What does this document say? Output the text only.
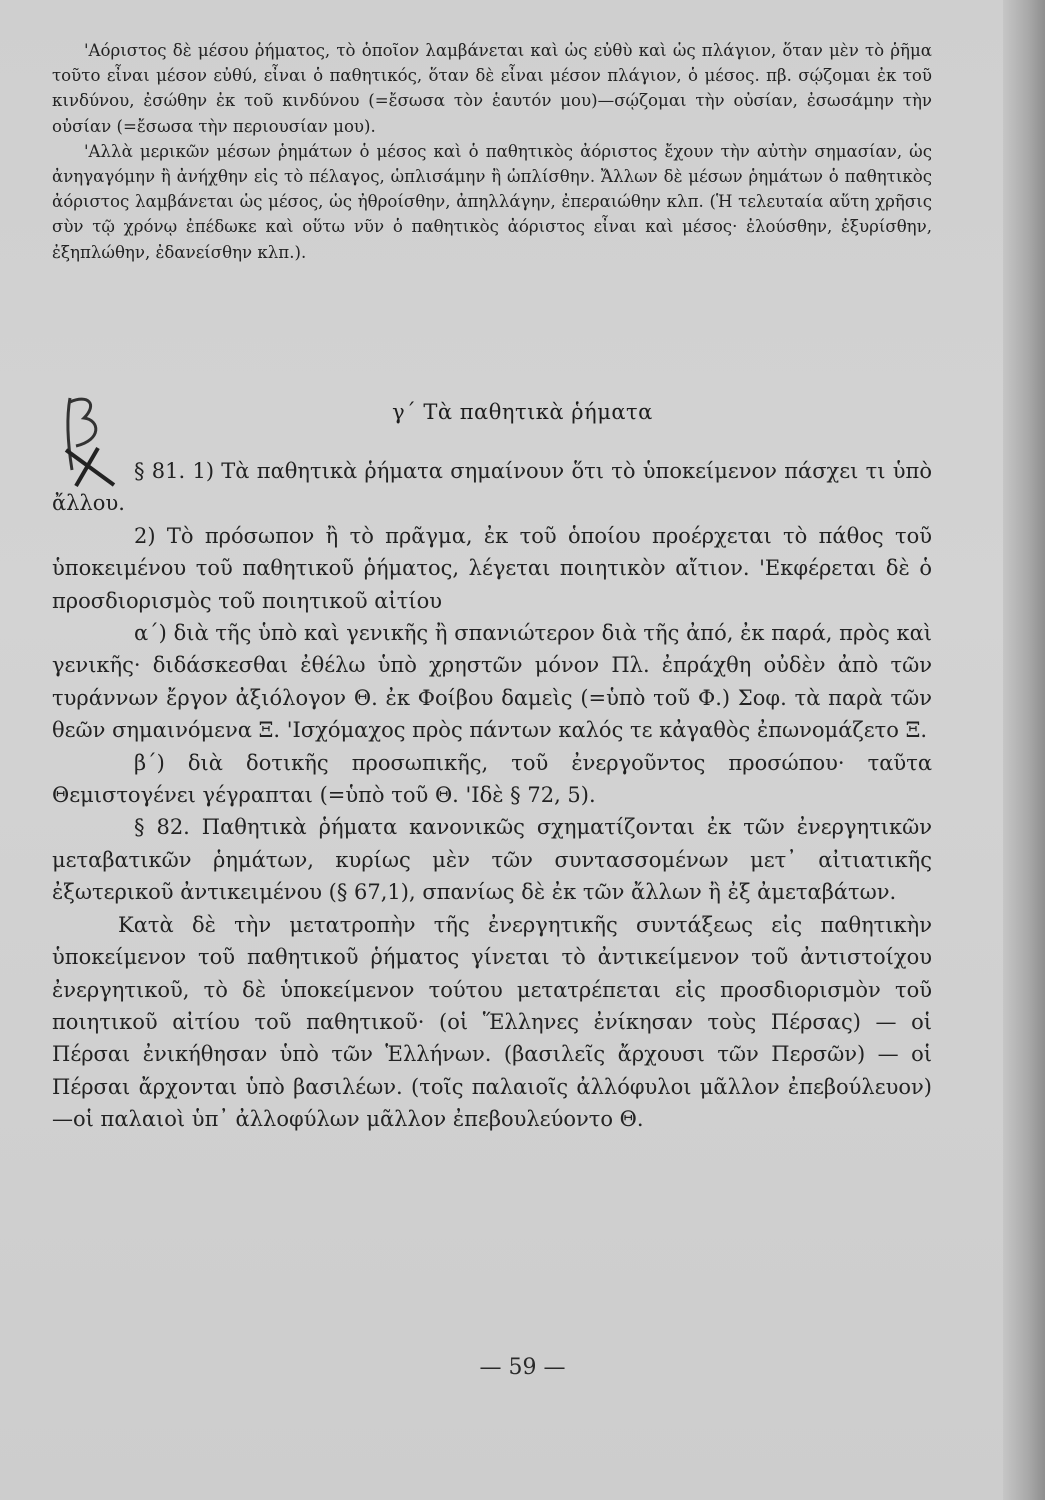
'Αόριστος δὲ μέσου ῥήματος, τὸ ὁποῖον λαμβάνεται καὶ ὡς εὐθὺ καὶ ὡς πλάγιον, ὅταν μὲν τὸ ῥῆμα τοῦτο εἶναι μέσον εὐθύ, εἶναι ὁ παθητικός, ὅταν δὲ εἶναι μέσον πλάγιον, ὁ μέσος. πβ. σῴζομαι ἐκ τοῦ κινδύνου, ἐσώθην ἐκ τοῦ κινδύνου (=ἔσωσα τὸν ἑαυτόν μου)—σῴζομαι τὴν οὐσίαν, ἐσωσάμην τὴν οὐσίαν (=ἔσωσα τὴν περιουσίαν μου).

'Αλλὰ μερικῶν μέσων ῥημάτων ὁ μέσος καὶ ὁ παθητικὸς ἀόριστος ἔχουν τὴν αὐτὴν σημασίαν, ὡς ἀνηγαγόμην ἢ ἀνήχθην εἰς τὸ πέλαγος, ὡπλισάμην ἢ ὡπλίσθην. Ἄλλων δὲ μέσων ῥημάτων ὁ παθητικὸς ἀόριστος λαμβάνεται ὡς μέσος, ὡς ἠθροίσθην, ἀπηλλάγην, ἐπεραιώθην κλπ. (Ἡ τελευταία αὕτη χρῆσις σὺν τῷ χρόνῳ ἐπέδωκε καὶ οὕτω νῦν ὁ παθητικὸς ἀόριστος εἶναι καὶ μέσος· ἐλούσθην, ἐξυρίσθην, ἐξηπλώθην, ἐδανείσθην κλπ.).

γ΄ Τὰ παθητικὰ ῥήματα

§ 81. 1) Τὰ παθητικὰ ῥήματα σημαίνουν ὅτι τὸ ὑποκείμενον πάσχει τι ὑπὸ ἄλλου.

2) Τὸ πρόσωπον ἢ τὸ πρᾶγμα, ἐκ τοῦ ὁποίου προέρχεται τὸ πάθος τοῦ ὑποκειμένου τοῦ παθητικοῦ ῥήματος, λέγεται ποιητικὸν αἴτιον. 'Εκφέρεται δὲ ὁ προσδιορισμὸς τοῦ ποιητικοῦ αἰτίου

α΄) διὰ τῆς ὑπὸ καὶ γενικῆς ἢ σπανιώτερον διὰ τῆς ἀπό, ἐκ παρά, πρὸς καὶ γενικῆς· διδάσκεσθαι ἐθέλω ὑπὸ χρηστῶν μόνον Πλ. ἐπράχθη οὐδὲν ἀπὸ τῶν τυράννων ἔργον ἀξιόλογον Θ. ἐκ Φοίβου δαμεὶς (=ὑπὸ τοῦ Φ.) Σοφ. τὰ παρὰ τῶν θεῶν σημαινόμενα Ξ. 'Ισχόμαχος πρὸς πάντων καλός τε κἀγαθὸς ἐπωνομάζετο Ξ.

β΄) διὰ δοτικῆς προσωπικῆς, τοῦ ἐνεργοῦντος προσώπου· ταῦτα Θεμιστογένει γέγραπται (=ὑπὸ τοῦ Θ. 'Ιδὲ § 72, 5).

§ 82. Παθητικὰ ῥήματα κανονικῶς σχηματίζονται ἐκ τῶν ἐνεργητικῶν μεταβατικῶν ῥημάτων, κυρίως μὲν τῶν συντασσομένων μετ᾽ αἰτιατικῆς ἐξωτερικοῦ ἀντικειμένου (§ 67,1), σπανίως δὲ ἐκ τῶν ἄλλων ἢ ἐξ ἀμεταβάτων.

Κατὰ δὲ τὴν μετατροπὴν τῆς ἐνεργητικῆς συντάξεως εἰς παθητικὴν ὑποκείμενον τοῦ παθητικοῦ ῥήματος γίνεται τὸ ἀντικείμενον τοῦ ἀντιστοίχου ἐνεργητικοῦ, τὸ δὲ ὑποκείμενον τούτου μετατρέπεται εἰς προσδιορισμὸν τοῦ ποιητικοῦ αἰτίου τοῦ παθητικοῦ· (οἱ Ἕλληνες ἐνίκησαν τοὺς Πέρσας) — οἱ Πέρσαι ἐνικήθησαν ὑπὸ τῶν Ἑλλήνων. (βασιλεῖς ἄρχουσι τῶν Περσῶν) — οἱ Πέρσαι ἄρχονται ὑπὸ βασιλέων. (τοῖς παλαιοῖς ἀλλόφυλοι μᾶλλον ἐπεβούλευον)—οἱ παλαιοὶ ὑπ᾽ ἀλλοφύλων μᾶλλον ἐπεβουλεύοντο Θ.

— 59 —
